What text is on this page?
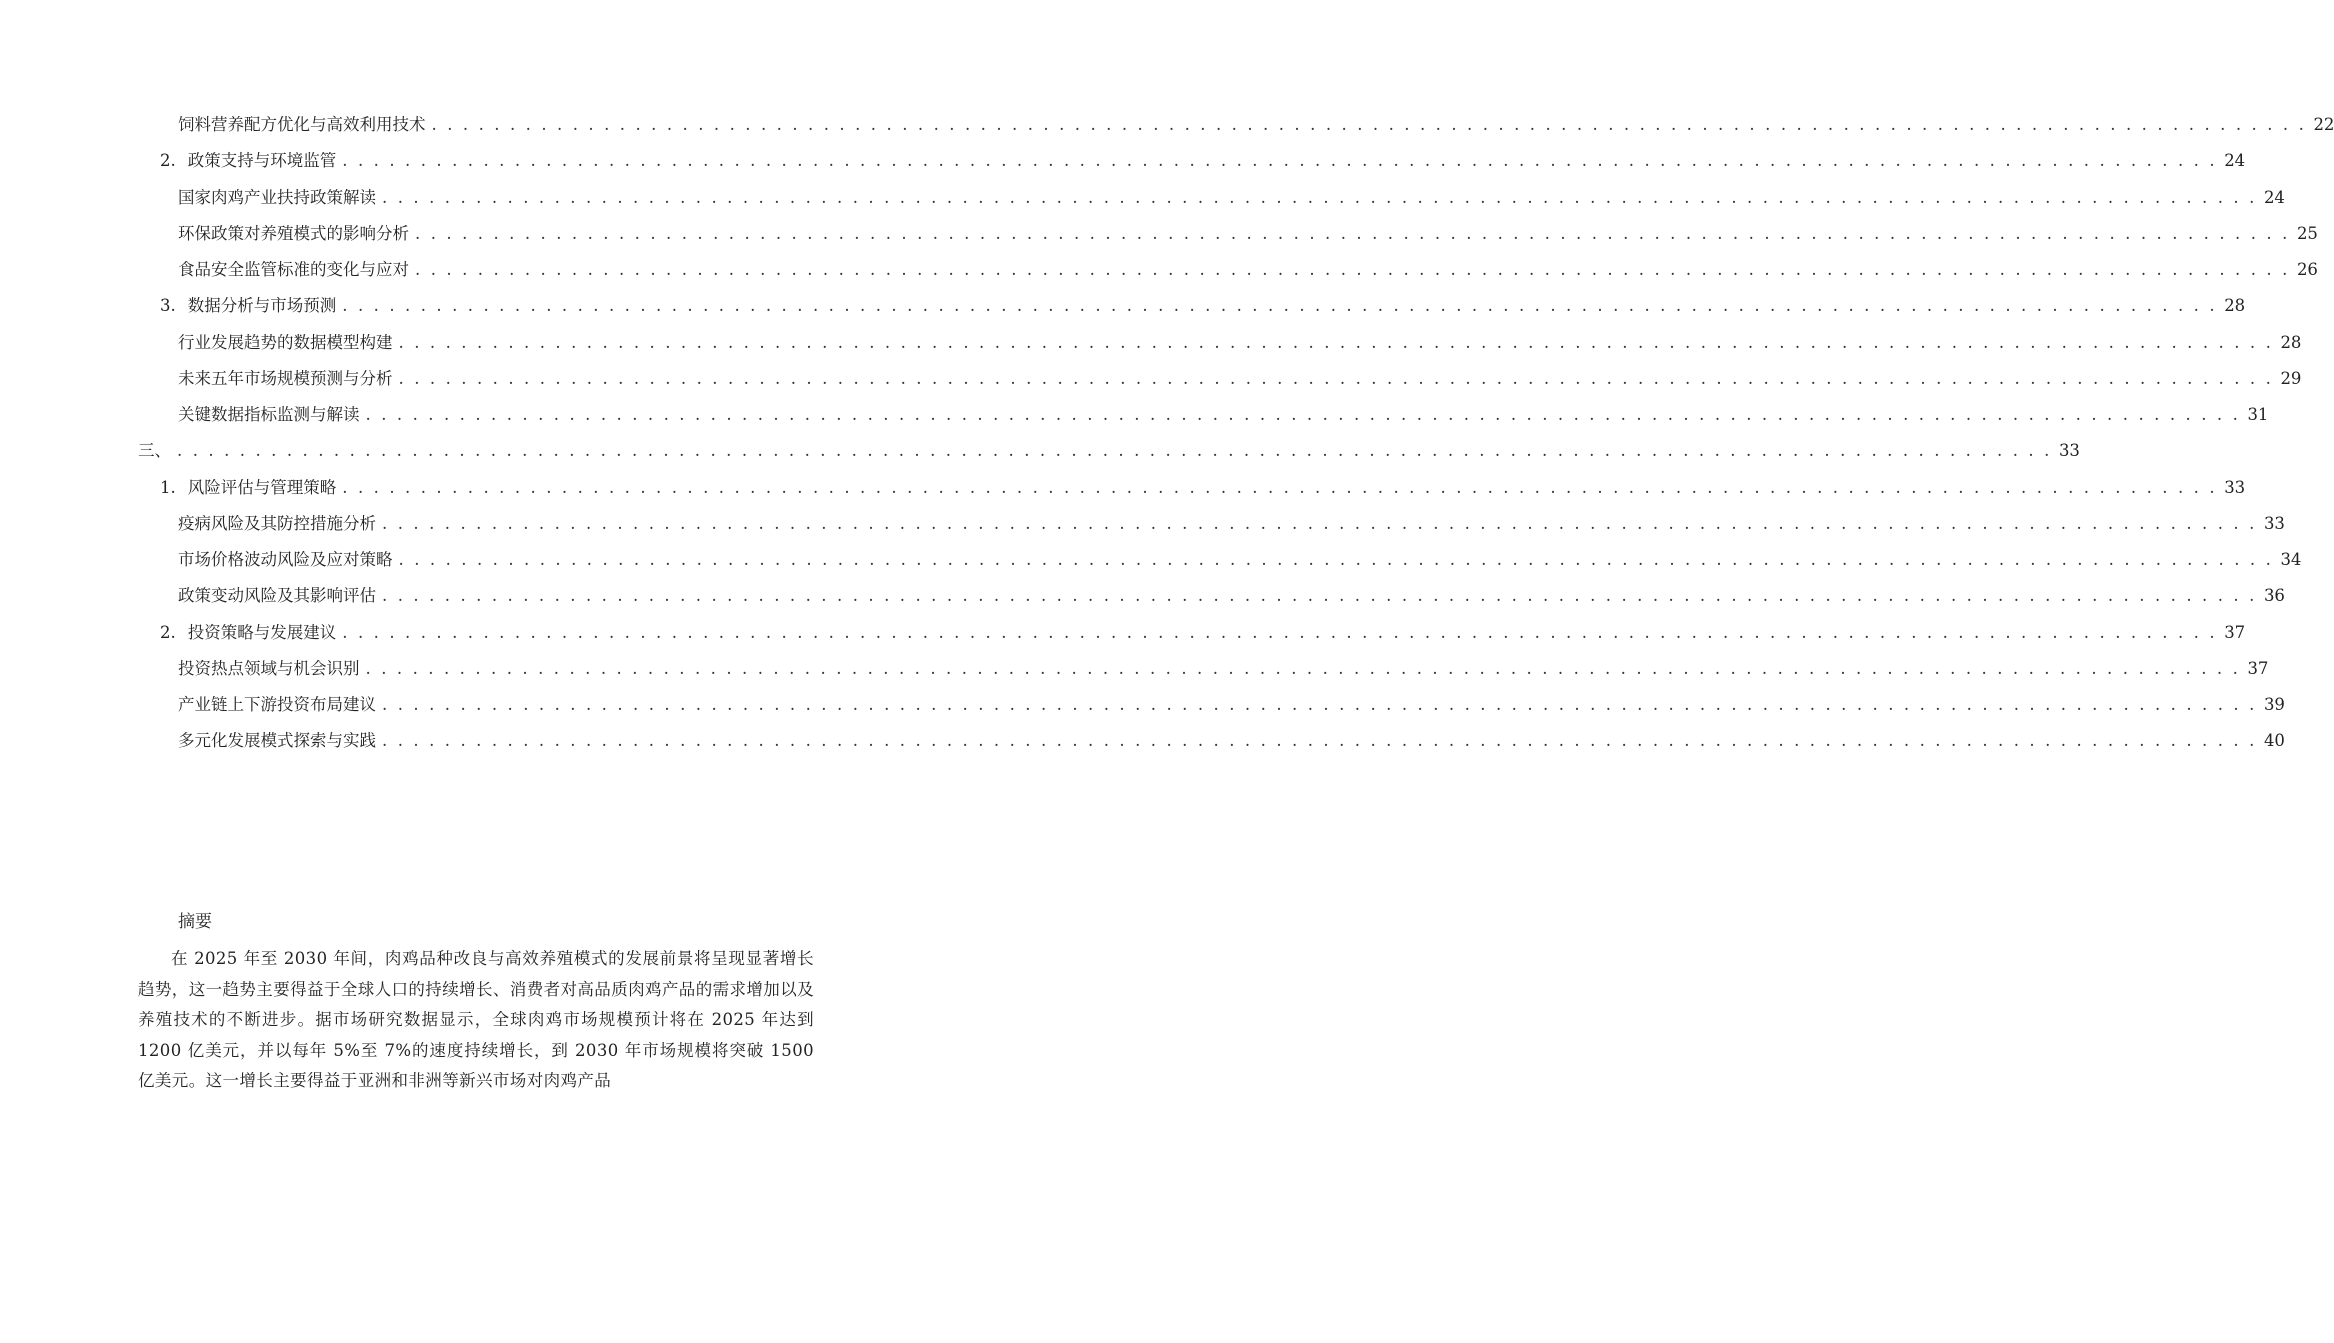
饲料营养配方优化与高效利用技术 . . . . . . . . . . . . . . . . . . . . . . . . . . . . . . . . . . . . . . . . . . . . . . . . . . . . . . . . . . . . . . . . . . . . . . . . . . . . . . . . . . . . . . . . . . . . . . . . . . . . . . . . . . . . . . . . . . . . . . . . 22
2. 政策支持与环境监管 . . . . . . . . . . . . . . . . . . . . . . . . . . . . . . . . . . . . . . . . . . . . . . . . . . . . . . . . . . . . . . . . . . . . . . . . . . . . . . . . . . . . . . . . . . . . . . . . . . . . . . . . . . . . . . . . . . . . . . . . 24
国家肉鸡产业扶持政策解读 . . . . . . . . . . . . . . . . . . . . . . . . . . . . . . . . . . . . . . . . . . . . . . . . . . . . . . . . . . . . . . . . . . . . . . . . . . . . . . . . . . . . . . . . . . . . . . . . . . . . . . . . . . . . . . . . . . . . . . . . 24
环保政策对养殖模式的影响分析 . . . . . . . . . . . . . . . . . . . . . . . . . . . . . . . . . . . . . . . . . . . . . . . . . . . . . . . . . . . . . . . . . . . . . . . . . . . . . . . . . . . . . . . . . . . . . . . . . . . . . . . . . . . . . . . . . . . . . . . . 25
食品安全监管标准的变化与应对 . . . . . . . . . . . . . . . . . . . . . . . . . . . . . . . . . . . . . . . . . . . . . . . . . . . . . . . . . . . . . . . . . . . . . . . . . . . . . . . . . . . . . . . . . . . . . . . . . . . . . . . . . . . . . . . . . . . . . . . . 26
3. 数据分析与市场预测 . . . . . . . . . . . . . . . . . . . . . . . . . . . . . . . . . . . . . . . . . . . . . . . . . . . . . . . . . . . . . . . . . . . . . . . . . . . . . . . . . . . . . . . . . . . . . . . . . . . . . . . . . . . . . . . . . . . . . . . . 28
行业发展趋势的数据模型构建 . . . . . . . . . . . . . . . . . . . . . . . . . . . . . . . . . . . . . . . . . . . . . . . . . . . . . . . . . . . . . . . . . . . . . . . . . . . . . . . . . . . . . . . . . . . . . . . . . . . . . . . . . . . . . . . . . . . . . . . . 28
未来五年市场规模预测与分析 . . . . . . . . . . . . . . . . . . . . . . . . . . . . . . . . . . . . . . . . . . . . . . . . . . . . . . . . . . . . . . . . . . . . . . . . . . . . . . . . . . . . . . . . . . . . . . . . . . . . . . . . . . . . . . . . . . . . . . . . 29
关键数据指标监测与解读 . . . . . . . . . . . . . . . . . . . . . . . . . . . . . . . . . . . . . . . . . . . . . . . . . . . . . . . . . . . . . . . . . . . . . . . . . . . . . . . . . . . . . . . . . . . . . . . . . . . . . . . . . . . . . . . . . . . . . . . . 31
三、 . . . . . . . . . . . . . . . . . . . . . . . . . . . . . . . . . . . . . . . . . . . . . . . . . . . . . . . . . . . . . . . . . . . . . . . . . . . . . . . . . . . . . . . . . . . . . . . . . . . . . . . . . . . . . . . . . . . . . . . . 33
1. 风险评估与管理策略 . . . . . . . . . . . . . . . . . . . . . . . . . . . . . . . . . . . . . . . . . . . . . . . . . . . . . . . . . . . . . . . . . . . . . . . . . . . . . . . . . . . . . . . . . . . . . . . . . . . . . . . . . . . . . . . . . . . . . . . . 33
疫病风险及其防控措施分析 . . . . . . . . . . . . . . . . . . . . . . . . . . . . . . . . . . . . . . . . . . . . . . . . . . . . . . . . . . . . . . . . . . . . . . . . . . . . . . . . . . . . . . . . . . . . . . . . . . . . . . . . . . . . . . . . . . . . . . . . 33
市场价格波动风险及应对策略 . . . . . . . . . . . . . . . . . . . . . . . . . . . . . . . . . . . . . . . . . . . . . . . . . . . . . . . . . . . . . . . . . . . . . . . . . . . . . . . . . . . . . . . . . . . . . . . . . . . . . . . . . . . . . . . . . . . . . . . . 34
政策变动风险及其影响评估 . . . . . . . . . . . . . . . . . . . . . . . . . . . . . . . . . . . . . . . . . . . . . . . . . . . . . . . . . . . . . . . . . . . . . . . . . . . . . . . . . . . . . . . . . . . . . . . . . . . . . . . . . . . . . . . . . . . . . . . . 36
2. 投资策略与发展建议 . . . . . . . . . . . . . . . . . . . . . . . . . . . . . . . . . . . . . . . . . . . . . . . . . . . . . . . . . . . . . . . . . . . . . . . . . . . . . . . . . . . . . . . . . . . . . . . . . . . . . . . . . . . . . . . . . . . . . . . . 37
投资热点领域与机会识别 . . . . . . . . . . . . . . . . . . . . . . . . . . . . . . . . . . . . . . . . . . . . . . . . . . . . . . . . . . . . . . . . . . . . . . . . . . . . . . . . . . . . . . . . . . . . . . . . . . . . . . . . . . . . . . . . . . . . . . . . 37
产业链上下游投资布局建议 . . . . . . . . . . . . . . . . . . . . . . . . . . . . . . . . . . . . . . . . . . . . . . . . . . . . . . . . . . . . . . . . . . . . . . . . . . . . . . . . . . . . . . . . . . . . . . . . . . . . . . . . . . . . . . . . . . . . . . . . 39
多元化发展模式探索与实践 . . . . . . . . . . . . . . . . . . . . . . . . . . . . . . . . . . . . . . . . . . . . . . . . . . . . . . . . . . . . . . . . . . . . . . . . . . . . . . . . . . . . . . . . . . . . . . . . . . . . . . . . . . . . . . . . . . . . . . . . 40

摘要

在 2025 年至 2030 年间，肉鸡品种改良与高效养殖模式的发展前景将呈现显著增长趋势，这一趋势主要得益于全球人口的持续增长、消费者对高品质肉鸡产品的需求增加以及养殖技术的不断进步。据市场研究数据显示，全球肉鸡市场规模预计将在 2025 年达到 1200 亿美元，并以每年 5%至 7%的速度持续增长，到 2030 年市场规模将突破 1500 亿美元。这一增长主要得益于亚洲和非洲等新兴市场对肉鸡产品
